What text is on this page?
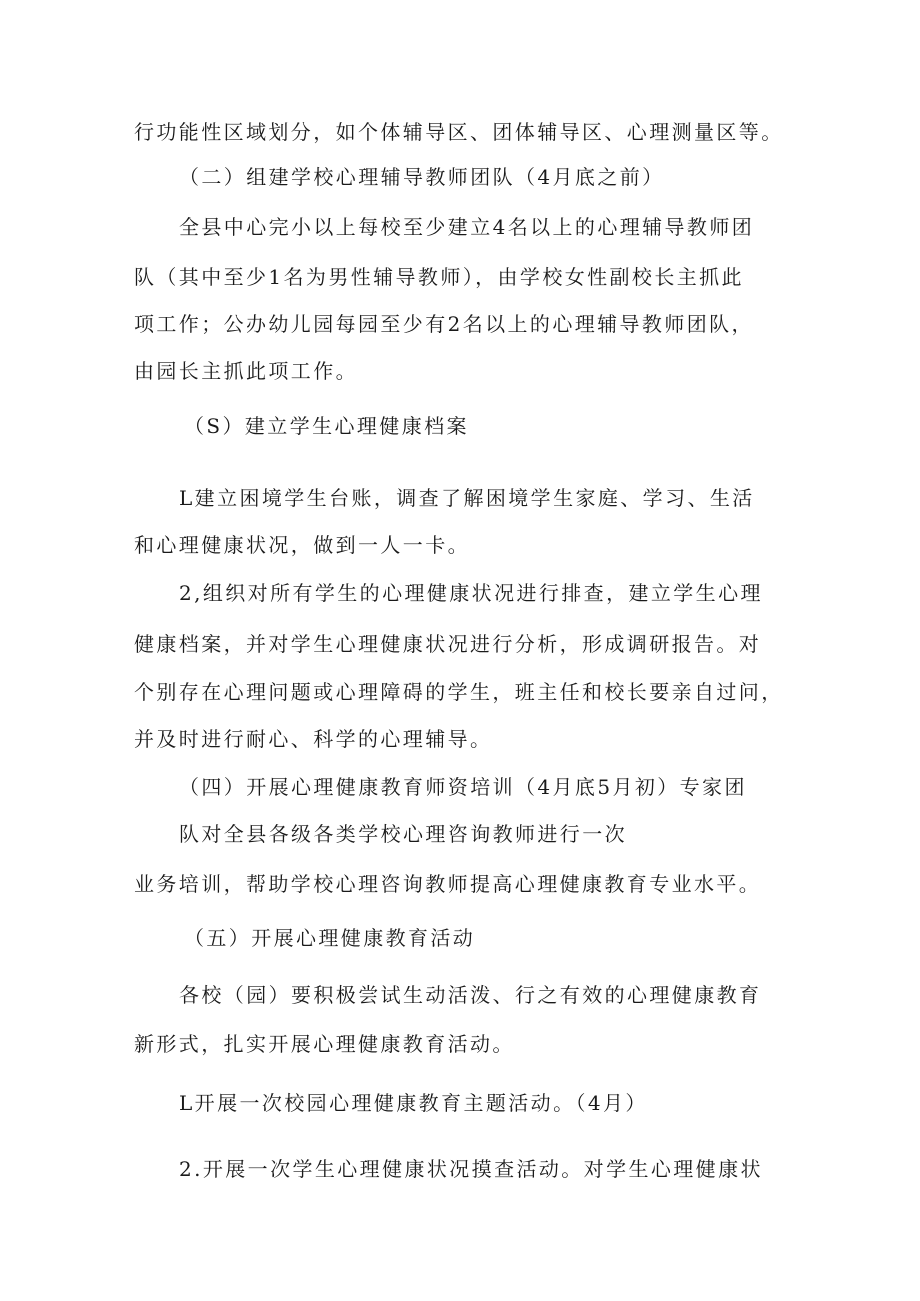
行功能性区域划分，如个体辅导区、团体辅导区、心理测量区等。
（二）组建学校心理辅导教师团队（4月底之前）
全县中心完小以上每校至少建立4名以上的心理辅导教师团
队（其中至少1名为男性辅导教师），由学校女性副校长主抓此
项工作；公办幼儿园每园至少有2名以上的心理辅导教师团队，
由园长主抓此项工作。
（S）建立学生心理健康档案
L建立困境学生台账，调查了解困境学生家庭、学习、生活
和心理健康状况，做到一人一卡。
2,组织对所有学生的心理健康状况进行排查，建立学生心理
健康档案，并对学生心理健康状况进行分析，形成调研报告。对
个别存在心理问题或心理障碍的学生，班主任和校长要亲自过问，
并及时进行耐心、科学的心理辅导。
（四）开展心理健康教育师资培训（4月底5月初）专家团
队对全县各级各类学校心理咨询教师进行一次
业务培训，帮助学校心理咨询教师提高心理健康教育专业水平。
（五）开展心理健康教育活动
各校（园）要积极尝试生动活泼、行之有效的心理健康教育
新形式，扎实开展心理健康教育活动。
L开展一次校园心理健康教育主题活动。（4月）
2.开展一次学生心理健康状况摸查活动。对学生心理健康状
